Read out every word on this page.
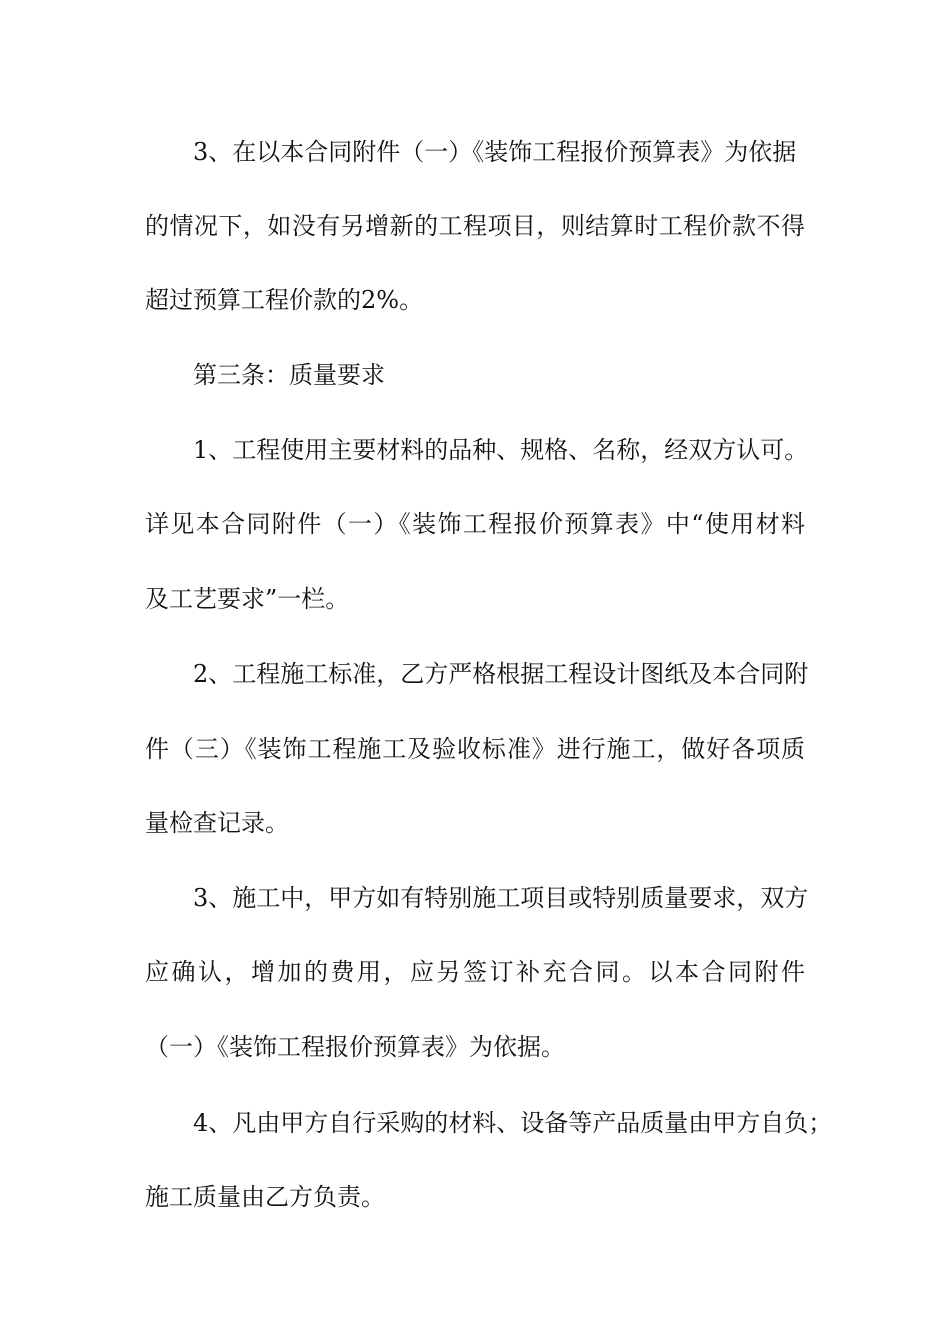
3、在以本合同附件（一）《装饰工程报价预算表》为依据

的情况下，如没有另增新的工程项目，则结算时工程价款不得

超过预算工程价款的2%。

第三条：质量要求

1、工程使用主要材料的品种、规格、名称，经双方认可。

详见本合同附件（一）《装饰工程报价预算表》中“使用材料

及工艺要求”一栏。

2、工程施工标准，乙方严格根据工程设计图纸及本合同附

件（三）《装饰工程施工及验收标准》进行施工，做好各项质

量检查记录。

3、施工中，甲方如有特别施工项目或特别质量要求，双方

应确认，增加的费用，应另签订补充合同。以本合同附件

（一）《装饰工程报价预算表》为依据。

4、凡由甲方自行采购的材料、设备等产品质量由甲方自负；

施工质量由乙方负责。
